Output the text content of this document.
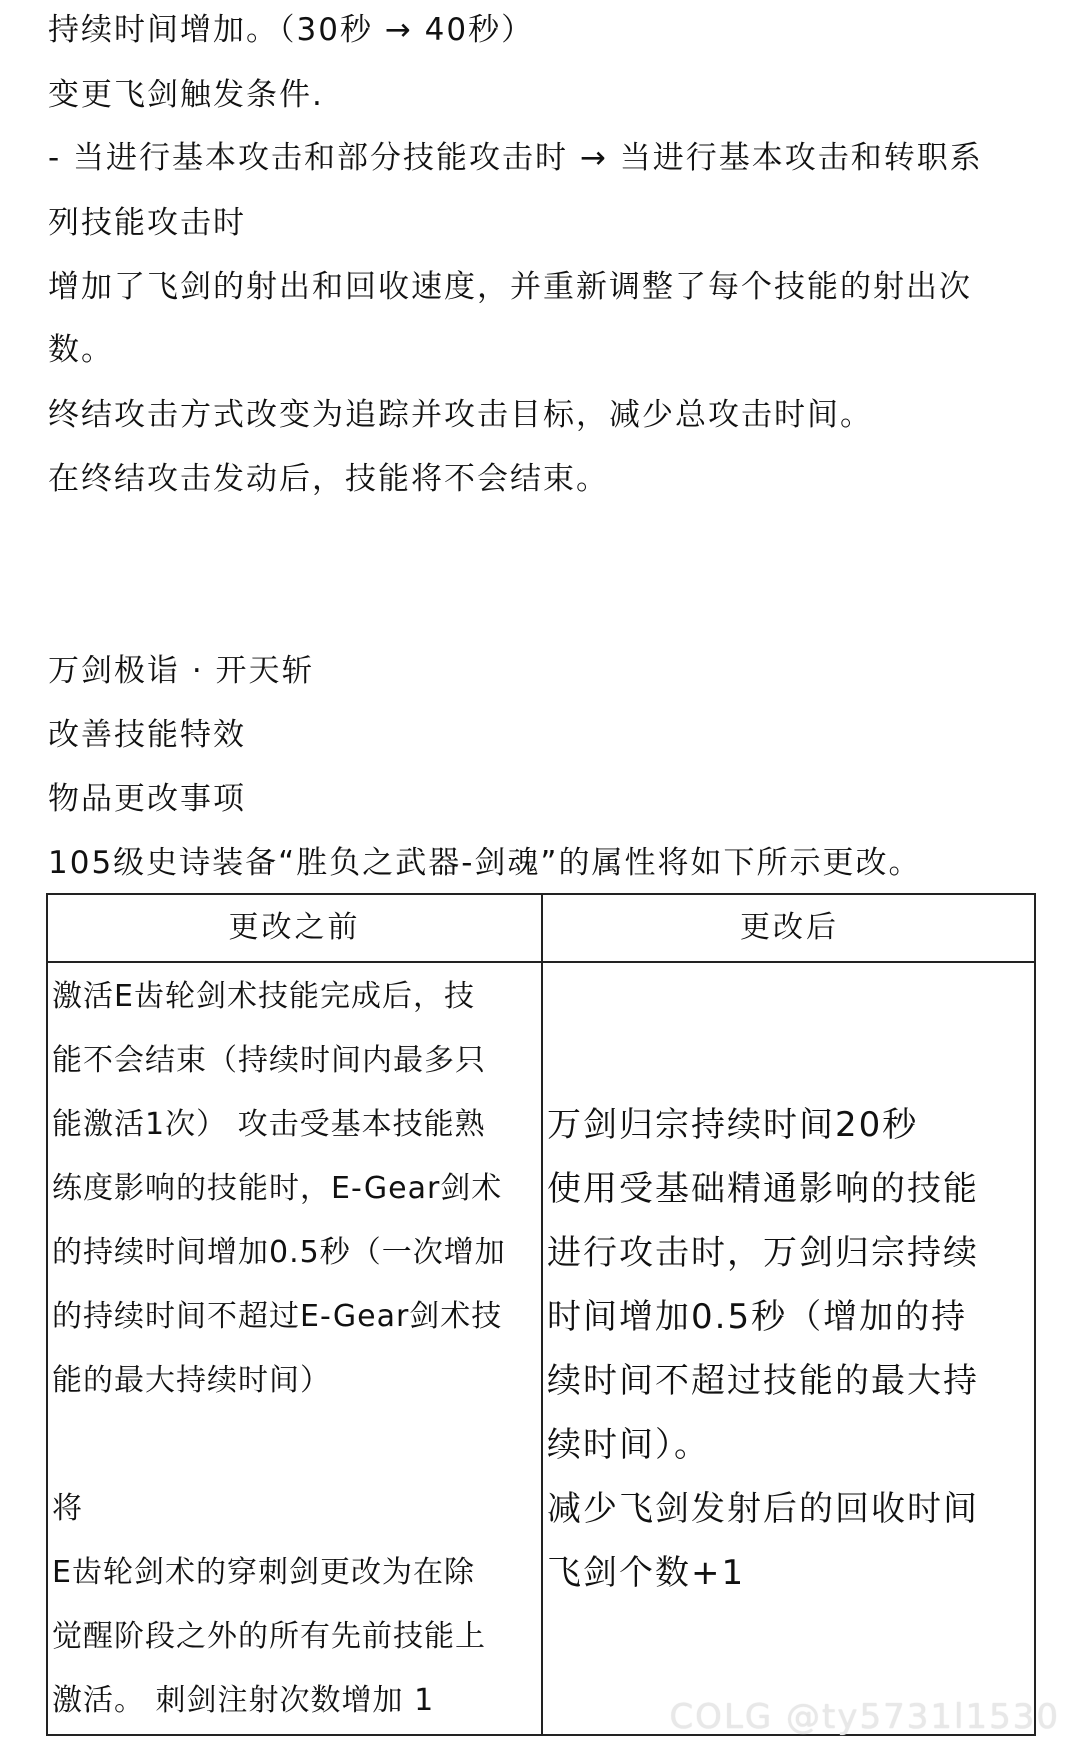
持续时间增加。（30秒 → 40秒）
变更飞剑触发条件.
- 当进行基本攻击和部分技能攻击时 → 当进行基本攻击和转职系
列技能攻击时
增加了飞剑的射出和回收速度，并重新调整了每个技能的射出次
数。
终结攻击方式改变为追踪并攻击目标，减少总攻击时间。
在终结攻击发动后，技能将不会结束。
万剑极诣 · 开天斩
改善技能特效
物品更改事项
105级史诗装备“胜负之武器-剑魂”的属性将如下所示更改。
更改之前	更改后
激活E齿轮剑术技能完成后，技
能不会结束（持续时间内最多只
能激活1次） 攻击受基本技能熟
练度影响的技能时，E-Gear剑术
的持续时间增加0.5秒（一次增加
的持续时间不超过E-Gear剑术技
能的最大持续时间）
将
E齿轮剑术的穿刺剑更改为在除
觉醒阶段之外的所有先前技能上
激活。 刺剑注射次数增加 1
万剑归宗持续时间20秒
使用受基础精通影响的技能
进行攻击时，万剑归宗持续
时间增加0.5秒（增加的持
续时间不超过技能的最大持
续时间）。
减少飞剑发射后的回收时间
飞剑个数+1
COLG @ty5731l1530
